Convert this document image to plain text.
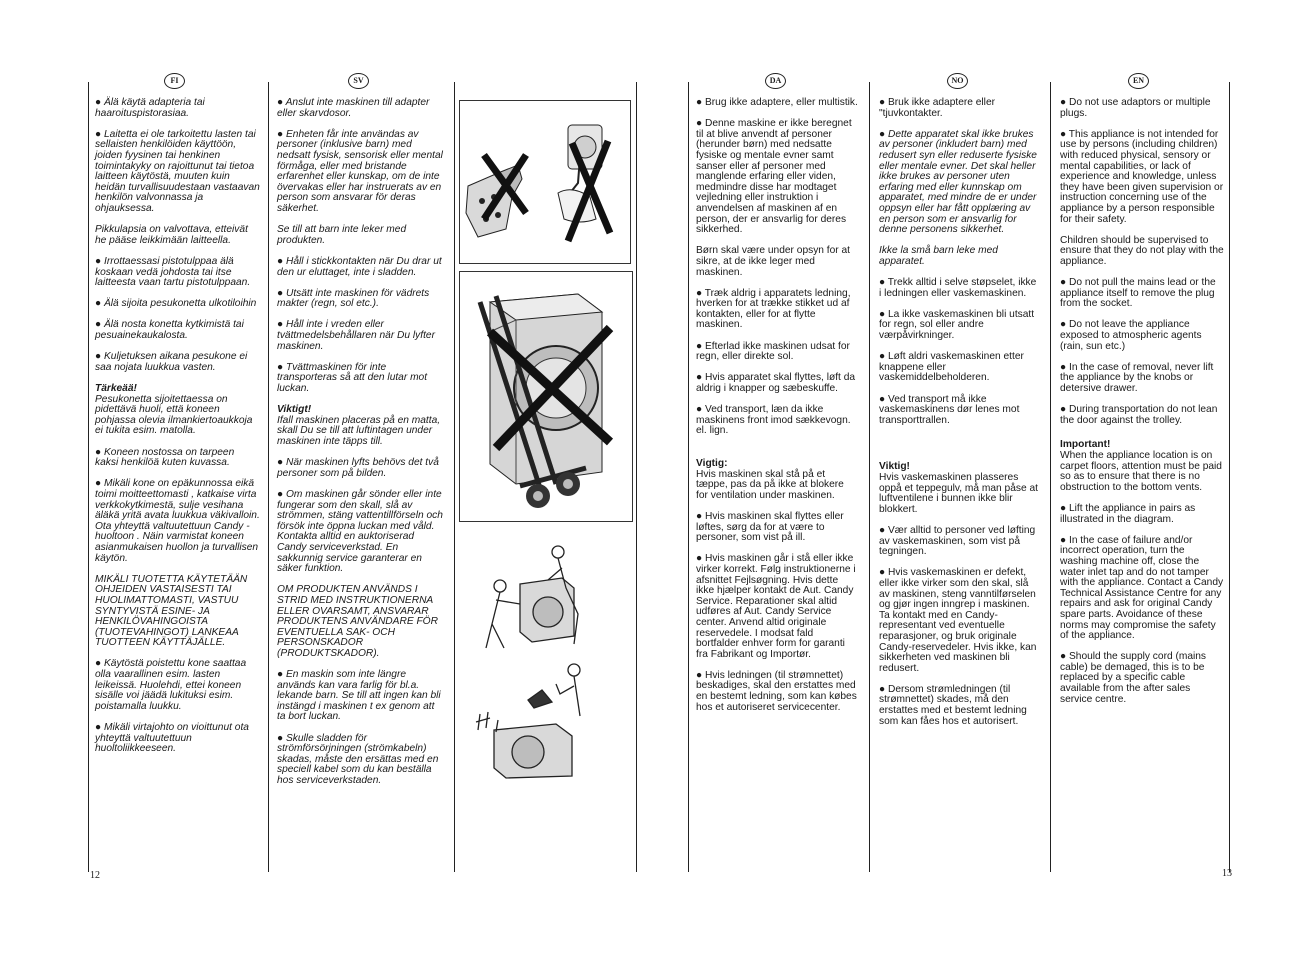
FI	SV	DA	NO	EN
12	13

● Älä käytä adapteria tai haaroituspistorasiaa.

● Laitetta ei ole tarkoitettu lasten tai sellaisten henkilöiden käyttöön, joiden fyysinen tai henkinen toimintakyky on rajoittunut tai tietoa laitteen käytöstä, muuten kuin heidän turvallisuudestaan vastaavan henkilön valvonnassa ja ohjauksessa.

Pikkulapsia on valvottava, etteivät he pääse leikkimään laitteella.

● Irrottaessasi pistotulppaa älä koskaan vedä johdosta tai itse laitteesta vaan tartu pistotulppaan.

● Älä sijoita pesukonetta ulkotiloihin

● Älä nosta konetta kytkimistä tai pesuainekaukalosta.

● Kuljetuksen aikana pesukone ei saa nojata luukkua vasten.

Tärkeää!

Pesukonetta sijoitettaessa on pidettävä huoli, että koneen pohjassa olevia ilmankiertoaukkoja ei tukita esim. matolla.

● Koneen nostossa on tarpeen kaksi henkilöä kuten kuvassa.

● Mikäli kone on epäkunnossa eikä toimi moitteettomasti , katkaise virta verkkokytkimestä, sulje vesihana äläkä yritä avata luukkua väkivalloin. Ota yhteyttä valtuutettuun Candy - huoltoon . Näin varmistat koneen asianmukaisen huollon ja turvallisen käytön.

MIKÄLI TUOTETTA KÄYTETÄÄN OHJEIDEN VASTAISESTI TAI HUOLIMATTOMASTI, VASTUU SYNTYVISTÄ ESINE- JA HENKILÖVAHINGOISTA (TUOTEVAHINGOT) LANKEAA TUOTTEEN KÄYTTÄJÄLLE.

● Käytöstä poistettu kone saattaa olla vaarallinen esim. lasten leikeissä. Huolehdi, ettei koneen sisälle voi jäädä lukituksi esim. poistamalla luukku.

● Mikäli virtajohto on vioittunut ota yhteyttä valtuutettuun huoltoliikkeeseen.

● Anslut inte maskinen till adapter eller skarvdosor.

● Enheten får inte användas av personer (inklusive barn) med nedsatt fysisk, sensorisk eller mental förmåga, eller med bristande erfarenhet eller kunskap, om de inte övervakas eller har instruerats av en person som ansvarar för deras säkerhet.

Se till att barn inte leker med produkten.

● Håll i stickkontakten när Du drar ut den ur eluttaget, inte i sladden.

● Utsätt inte maskinen för vädrets makter (regn, sol etc.).

● Håll inte i vreden eller tvättmedelsbehållaren när Du lyfter maskinen.

● Tvättmaskinen för inte transporteras så att den lutar mot luckan.

Viktigt!

Ifall maskinen placeras på en matta, skall Du se till att luftintagen under maskinen inte täpps till.

● När maskinen lyfts behövs det två personer som på bilden.

● Om maskinen går sönder eller inte fungerar som den skall, slå av strömmen, stäng vattentillförseln och försök inte öppna luckan med våld. Kontakta alltid en auktoriserad Candy serviceverkstad. En sakkunnig service garanterar en säker funktion.

OM PRODUKTEN ANVÄNDS I STRID MED INSTRUKTIONERNA ELLER OVARSAMT, ANSVARAR PRODUKTENS ANVÄNDARE FÖR EVENTUELLA SAK- OCH PERSONSKADOR (PRODUKTSKADOR).

● En maskin som inte längre används kan vara farlig för bl.a. lekande barn. Se till att ingen kan bli instängd i maskinen t ex genom att ta bort luckan.

● Skulle sladden för strömförsörjningen (strömkabeln) skadas, måste den ersättas med en speciell kabel som du kan beställa hos serviceverkstaden.

● Brug ikke adaptere, eller multistik.

● Denne maskine er ikke beregnet til at blive anvendt af personer (herunder børn) med nedsatte fysiske og mentale evner samt sanser eller af personer med manglende erfaring eller viden, medmindre disse har modtaget vejledning eller instruktion i anvendelsen af maskinen af en person, der er ansvarlig for deres sikkerhed.

Børn skal være under opsyn for at sikre, at de ikke leger med maskinen.

● Træk aldrig i apparatets ledning, hverken for at trække stikket ud af kontakten, eller for at flytte maskinen.

● Efterlad ikke maskinen udsat for regn, eller direkte sol.

● Hvis apparatet skal flyttes, løft da aldrig i knapper og sæbeskuffe.

● Ved transport, læn da ikke maskinens front imod sækkevogn. el. lign.

Vigtig:

Hvis maskinen skal stå på et tæppe, pas da på ikke at blokere for ventilation under maskinen.

● Hvis maskinen skal flyttes eller løftes, sørg da for at være to personer, som vist på ill.

● Hvis maskinen går i stå eller ikke virker korrekt. Følg instruktionerne i afsnittet Fejlsøgning. Hvis dette ikke hjælper kontakt de Aut. Candy Service. Reparationer skal altid udføres af Aut. Candy Service center. Anvend altid originale reservedele. I modsat fald bortfalder enhver form for garanti fra Fabrikant og Importør.

● Hvis ledningen (til strømnettet) beskadiges, skal den erstattes med en bestemt ledning, som kan købes hos et autoriseret servicecenter.

● Bruk ikke adaptere eller "tjuvkontakter.

● Dette apparatet skal ikke brukes av personer (inkludert barn) med redusert syn eller reduserte fysiske eller mentale evner. Det skal heller ikke brukes av personer uten erfaring med eller kunnskap om apparatet, med mindre de er under oppsyn eller har fått opplæring av en person som er ansvarlig for denne personens sikkerhet.

Ikke la små barn leke med apparatet.

● Trekk alltid i selve støpselet, ikke i ledningen eller vaskemaskinen.

● La ikke vaskemaskinen bli utsatt for regn, sol eller andre værpåvirkninger.

● Løft aldri vaskemaskinen etter knappene eller vaskemiddelbeholderen.

● Ved transport må ikke vaskemaskinens dør lenes mot transporttrallen.

Viktig!

Hvis vaskemaskinen plasseres oppå et teppegulv, må man påse at luftventilene i bunnen ikke blir blokkert.

● Vær alltid to personer ved løfting av vaskemaskinen, som vist på tegningen.

● Hvis vaskemaskinen er defekt, eller ikke virker som den skal, slå av maskinen, steng vanntilførselen og gjør ingen inngrep i maskinen. Ta kontakt med en Candy-representant ved eventuelle reparasjoner, og bruk originale Candy-reservedeler. Hvis ikke, kan sikkerheten ved maskinen bli redusert.

● Dersom strømledningen (til strømnettet) skades, må den erstattes med et bestemt ledning som kan fåes hos et autorisert.

● Do not use adaptors or multiple plugs.

● This appliance is not intended for use by persons (including children) with reduced physical, sensory or mental capabilities, or lack of experience and knowledge, unless they have been given supervision or instruction concerning use of the appliance by a person responsible for their safety.

Children should be supervised to ensure that they do not play with the appliance.

● Do not pull the mains lead or the appliance itself to remove the plug from the socket.

● Do not leave the appliance exposed to atmospheric agents (rain, sun etc.)

● In the case of removal, never lift the appliance by the knobs or detersive drawer.

● During transportation do not lean the door against the trolley.

Important!

When the appliance location is on carpet floors, attention must be paid so as to ensure that there is no obstruction to the bottom vents.

● Lift the appliance in pairs as illustrated in the diagram.

● In the case of failure and/or incorrect operation, turn the washing machine off, close the water inlet tap and do not tamper with the appliance. Contact a Candy Technical Assistance Centre for any repairs and ask for original Candy spare parts. Avoidance of these norms may compromise the safety of the appliance.

● Should the supply cord (mains cable) be demaged, this is to be replaced by a specific cable available from the after sales service centre.
